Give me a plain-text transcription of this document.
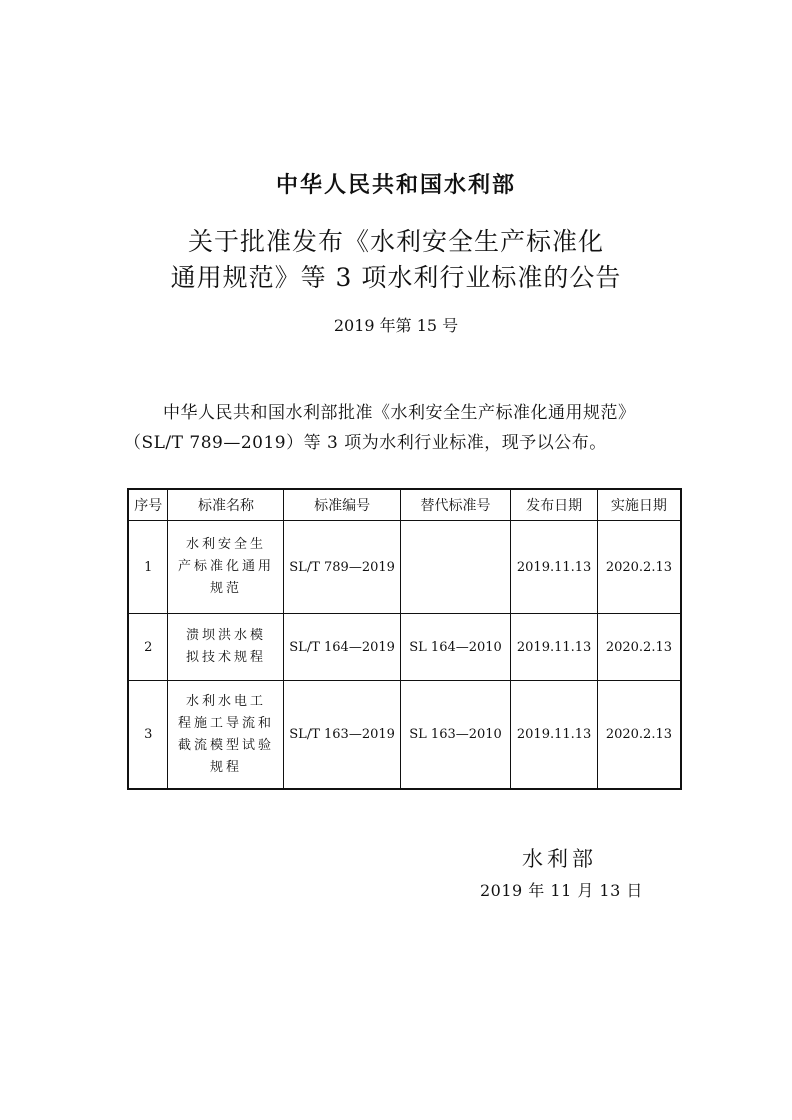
中华人民共和国水利部
关于批准发布《水利安全生产标准化
通用规范》等 3 项水利行业标准的公告
2019 年第 15 号
中华人民共和国水利部批准《水利安全生产标准化通用规范》
（SL/T 789—2019）等 3 项为水利行业标准，现予以公布。
序号	标准名称	标准编号	替代标准号	发布日期	实施日期
1	水利安全生
产标准化通用
规范	SL/T 789—2019		2019.11.13	2020.2.13
2	溃坝洪水模
拟技术规程	SL/T 164—2019	SL 164—2010	2019.11.13	2020.2.13
3	水利水电工
程施工导流和
截流模型试验
规程	SL/T 163—2019	SL 163—2010	2019.11.13	2020.2.13
水利部
2019 年 11 月 13 日
